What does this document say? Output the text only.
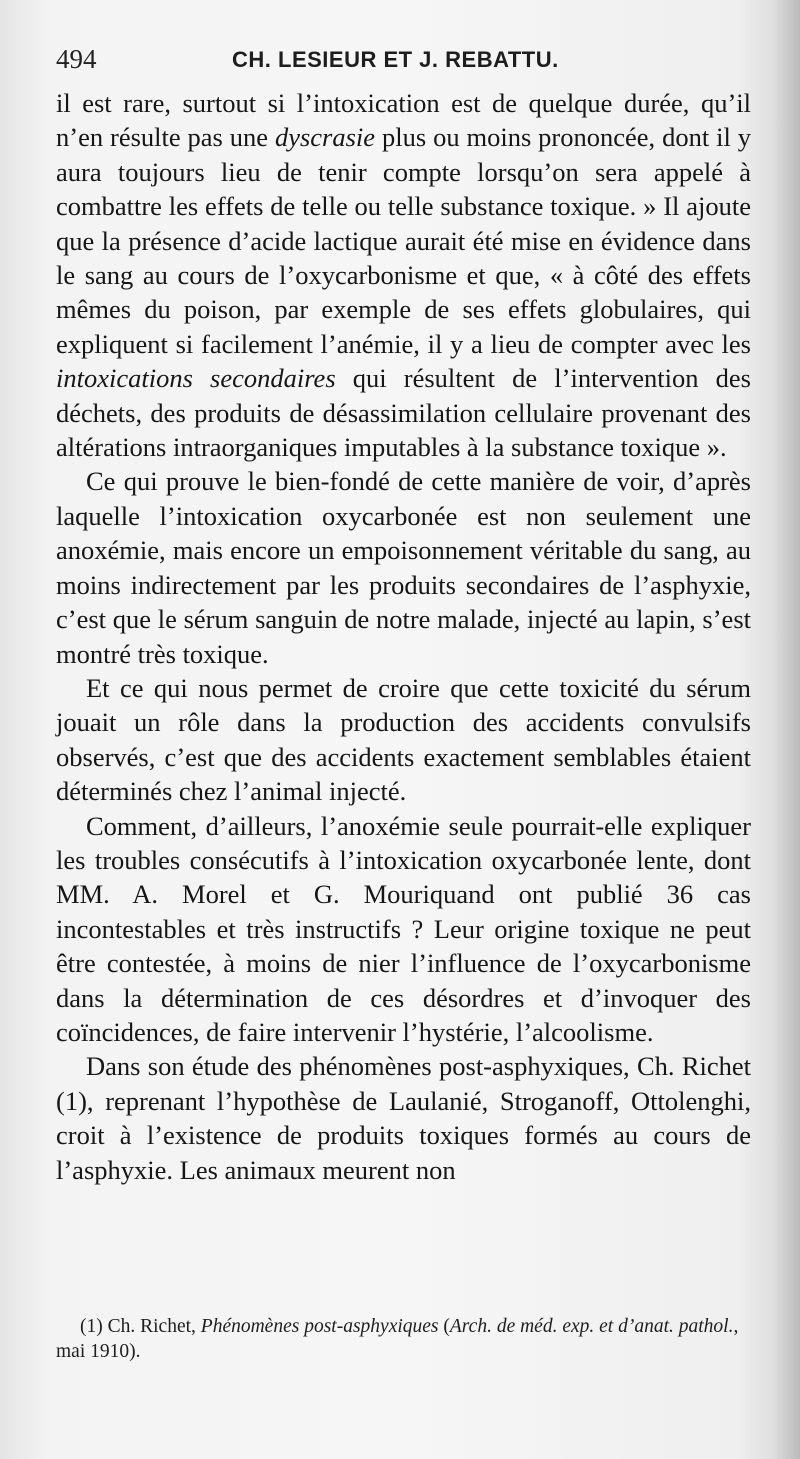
494	CH. LESIEUR ET J. REBATTU.

il est rare, surtout si l’intoxication est de quelque durée, qu’il n’en résulte pas une dyscrasie plus ou moins prononcée, dont il y aura toujours lieu de tenir compte lorsqu’on sera appelé à combattre les effets de telle ou telle substance toxique. » Il ajoute que la présence d’acide lactique aurait été mise en évidence dans le sang au cours de l’oxycarbonisme et que, « à côté des effets mêmes du poison, par exemple de ses effets globulaires, qui expliquent si facilement l’anémie, il y a lieu de compter avec les intoxications secondaires qui résultent de l’intervention des déchets, des produits de désassimilation cellulaire provenant des altérations intraorganiques imputables à la substance toxique ».

Ce qui prouve le bien-fondé de cette manière de voir, d’après laquelle l’intoxication oxycarbonée est non seulement une anoxémie, mais encore un empoisonnement véritable du sang, au moins indirectement par les produits secondaires de l’asphyxie, c’est que le sérum sanguin de notre malade, injecté au lapin, s’est montré très toxique.

Et ce qui nous permet de croire que cette toxicité du sérum jouait un rôle dans la production des accidents convulsifs observés, c’est que des accidents exactement semblables étaient déterminés chez l’animal injecté.

Comment, d’ailleurs, l’anoxémie seule pourrait-elle expliquer les troubles consécutifs à l’intoxication oxycarbonée lente, dont MM. A. Morel et G. Mouriquand ont publié 36 cas incontestables et très instructifs ? Leur origine toxique ne peut être contestée, à moins de nier l’influence de l’oxycarbonisme dans la détermination de ces désordres et d’invoquer des coïncidences, de faire intervenir l’hystérie, l’alcoolisme.

Dans son étude des phénomènes post-asphyxiques, Ch. Richet (1), reprenant l’hypothèse de Laulanié, Stroganoff, Ottolenghi, croit à l’existence de produits toxiques formés au cours de l’asphyxie. Les animaux meurent non

(1) Ch. Richet, Phénomènes post-asphyxiques (Arch. de méd. exp. et d’anat. pathol., mai 1910).
